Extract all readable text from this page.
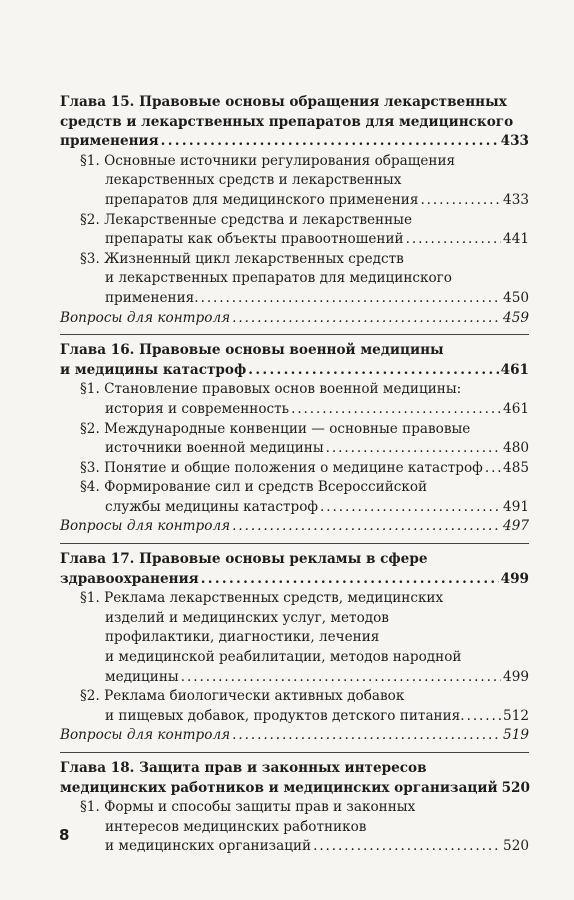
Глава 15. Правовые основы обращения лекарственных
средств и лекарственных препаратов для медицинского
применения . . .	433
§1. Основные источники регулирования обращения
лекарственных средств и лекарственных
препаратов для медицинского применения . . .	433
§2. Лекарственные средства и лекарственные
препараты как объекты правоотношений . . .	441
§3. Жизненный цикл лекарственных средств
и лекарственных препаратов для медицинского
применения. . . .	450
Вопросы для контроля . . .	459
Глава 16. Правовые основы военной медицины
и медицины катастроф . . .	461
§1. Становление правовых основ военной медицины:
история и современность . . .	461
§2. Международные конвенции — основные правовые
источники военной медицины . . .	480
§3. Понятие и общие положения о медицине катастроф . . . 485
§4. Формирование сил и средств Всероссийской
службы медицины катастроф . . .	491
Вопросы для контроля . . .	497
Глава 17. Правовые основы рекламы в сфере
здравоохранения . . .	499
§1. Реклама лекарственных средств, медицинских
изделий и медицинских услуг, методов
профилактики, диагностики, лечения
и медицинской реабилитации, методов народной
медицины . . .	499
§2. Реклама биологически активных добавок
и пищевых добавок, продуктов детского питания. . . .	512
Вопросы для контроля . . .	519
Глава 18. Защита прав и законных интересов
медицинских работников и медицинских организаций 520
§1. Формы и способы защиты прав и законных
интересов медицинских работников
и медицинских организаций . . .	520
8
